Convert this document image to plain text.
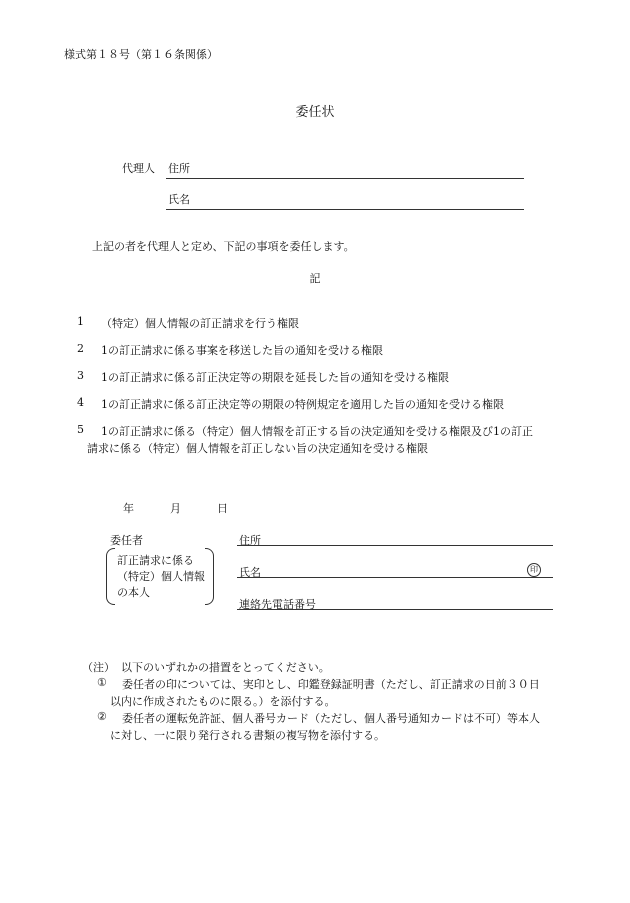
様式第１８号（第１６条関係）
委任状
代理人 住所
氏名
上記の者を代理人と定め、下記の事項を委任します。
記
1 （特定）個人情報の訂正請求を行う権限
2 1の訂正請求に係る事案を移送した旨の通知を受ける権限
3 1の訂正請求に係る訂正決定等の期限を延長した旨の通知を受ける権限
4 1の訂正請求に係る訂正決定等の期限の特例規定を適用した旨の通知を受ける権限
5 1の訂正請求に係る（特定）個人情報を訂正する旨の決定通知を受ける権限及び1の訂正
請求に係る（特定）個人情報を訂正しない旨の決定通知を受ける権限
年	月	日
委任者
訂正請求に係る（特定）個人情報の本人
住所
氏名	印
連絡先電話番号
（注） 以下のいずれかの措置をとってください。
① 委任者の印については、実印とし、印鑑登録証明書（ただし、訂正請求の日前３０日
以内に作成されたものに限る。）を添付する。
② 委任者の運転免許証、個人番号カード（ただし、個人番号通知カードは不可）等本人
に対し、一に限り発行される書類の複写物を添付する。
